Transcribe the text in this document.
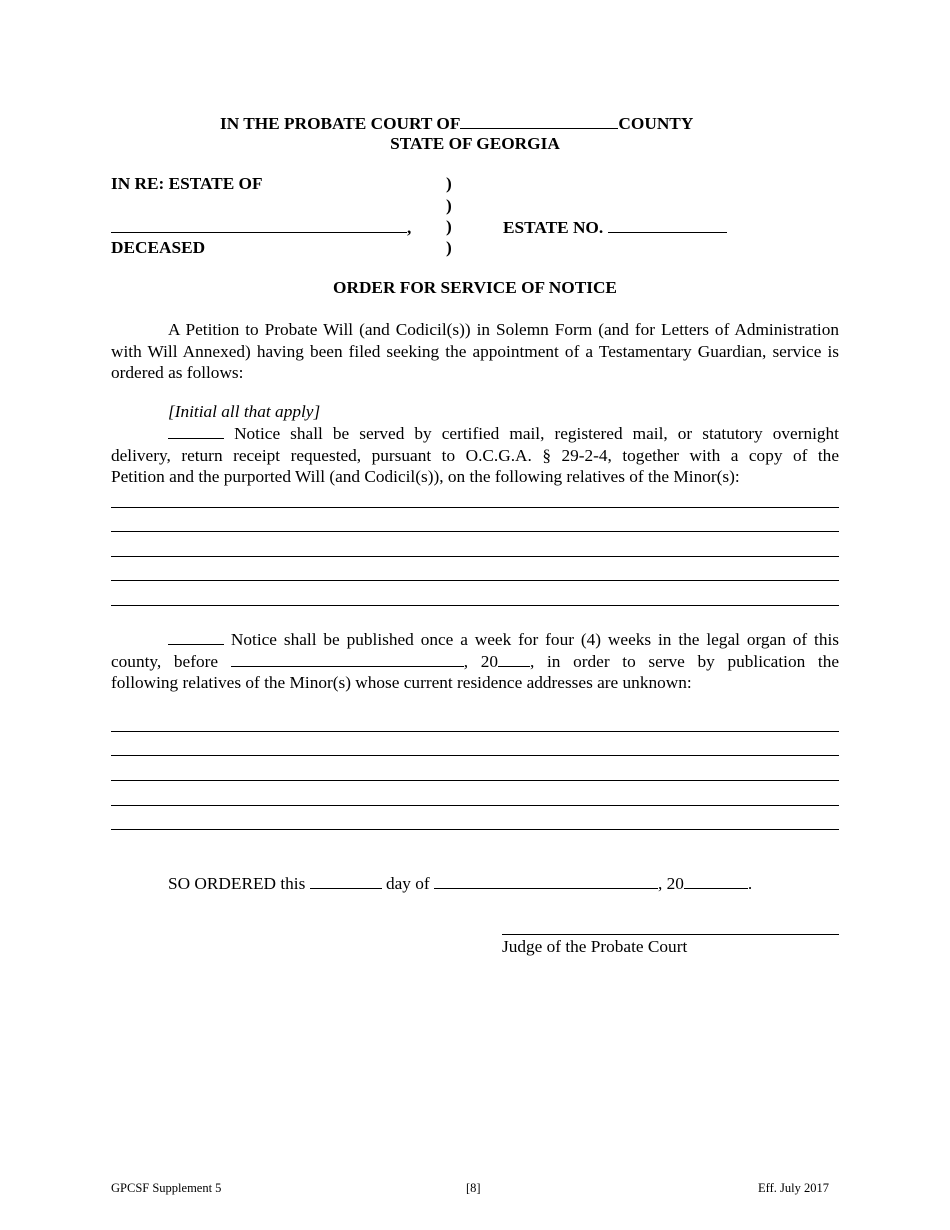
IN THE PROBATE COURT OF	COUNTY
STATE OF GEORGIA
IN RE: ESTATE OF	)
)
)
)
,
DECEASED
ESTATE NO.
ORDER FOR SERVICE OF NOTICE
A Petition to Probate Will (and Codicil(s)) in Solemn Form (and for Letters of Administration with Will Annexed) having been filed seeking the appointment of a Testamentary Guardian, service is ordered as follows:
[Initial all that apply]
Notice shall be served by certified mail, registered mail, or statutory overnight
delivery, return receipt requested, pursuant to O.C.G.A. § 29-2-4, together with a copy of the
Petition and the purported Will (and Codicil(s)), on the following relatives of the Minor(s):
Notice shall be published once a week for four (4) weeks in the legal organ of this
county, before	, 20 , in order to serve by publication the
following relatives of the Minor(s) whose current residence addresses are unknown:
SO ORDERED this	day of	, 20	.
Judge of the Probate Court
GPCSF Supplement 5	[8]	Eff. July 2017
